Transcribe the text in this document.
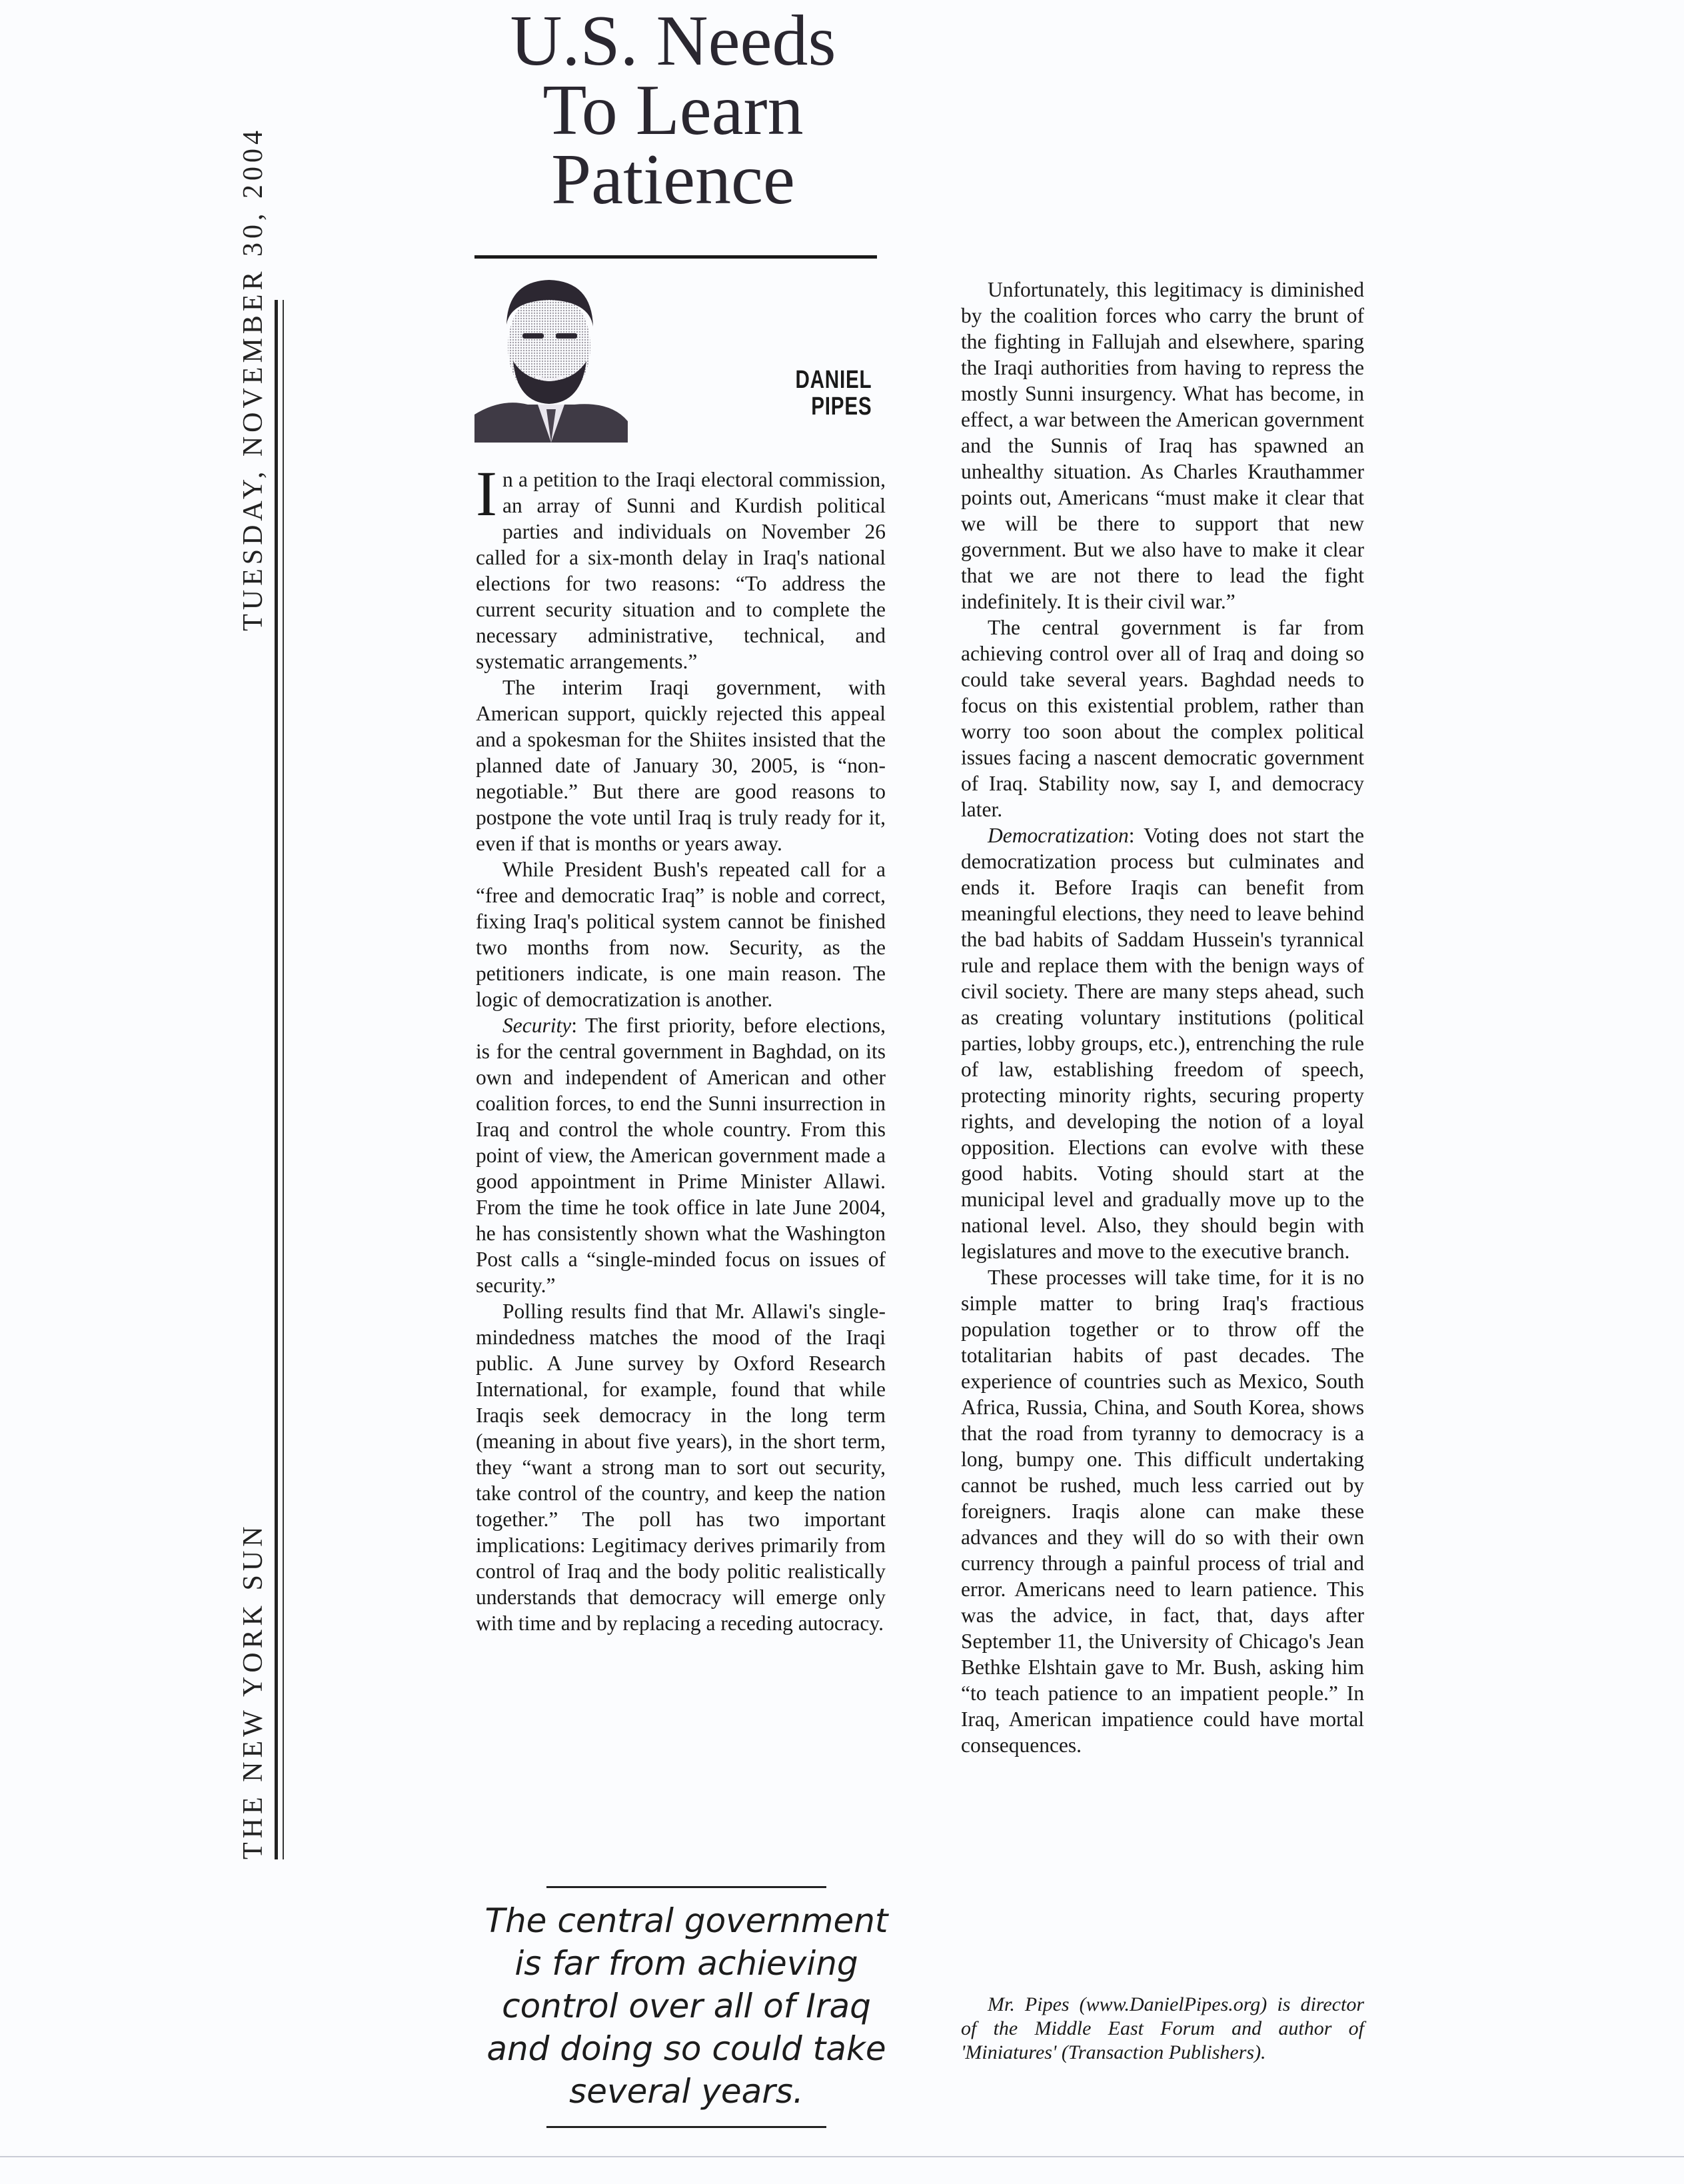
THE NEW YORK SUN
TUESDAY, NOVEMBER 30, 2004
U.S. Needs
To Learn
Patience
DANIEL
PIPES

In a petition to the Iraqi electoral commission, an array of Sunni and Kurdish political parties and individuals on November 26 called for a six-month delay in Iraq's national elections for two reasons: “To address the current security situation and to complete the necessary administrative, technical, and systematic arrangements.”

The interim Iraqi government, with American support, quickly rejected this appeal and a spokesman for the Shiites insisted that the planned date of January 30, 2005, is “non-negotiable.” But there are good reasons to postpone the vote until Iraq is truly ready for it, even if that is months or years away.

While President Bush's repeated call for a “free and democratic Iraq” is noble and correct, fixing Iraq's political system cannot be finished two months from now. Security, as the petitioners indicate, is one main reason. The logic of democratization is another.

Security: The first priority, before elections, is for the central government in Baghdad, on its own and independent of American and other coalition forces, to end the Sunni insurrection in Iraq and control the whole country. From this point of view, the American government made a good appointment in Prime Minister Allawi. From the time he took office in late June 2004, he has consistently shown what the Washington Post calls a “single-minded focus on issues of security.”

Polling results find that Mr. Allawi's single-mindedness matches the mood of the Iraqi public. A June survey by Oxford Research International, for example, found that while Iraqis seek democracy in the long term (meaning in about five years), in the short term, they “want a strong man to sort out security, take control of the country, and keep the nation together.” The poll has two important implications: Legitimacy derives primarily from control of Iraq and the body politic realistically understands that democracy will emerge only with time and by replacing a receding autocracy.

The central government is far from achieving control over all of Iraq and doing so could take several years.

Unfortunately, this legitimacy is diminished by the coalition forces who carry the brunt of the fighting in Fallujah and elsewhere, sparing the Iraqi authorities from having to repress the mostly Sunni insurgency. What has become, in effect, a war between the American government and the Sunnis of Iraq has spawned an unhealthy situation. As Charles Krauthammer points out, Americans “must make it clear that we will be there to support that new government. But we also have to make it clear that we are not there to lead the fight indefinitely. It is their civil war.”

The central government is far from achieving control over all of Iraq and doing so could take several years. Baghdad needs to focus on this existential problem, rather than worry too soon about the complex political issues facing a nascent democratic government of Iraq. Stability now, say I, and democracy later.

Democratization: Voting does not start the democratization process but culminates and ends it. Before Iraqis can benefit from meaningful elections, they need to leave behind the bad habits of Saddam Hussein's tyrannical rule and replace them with the benign ways of civil society. There are many steps ahead, such as creating voluntary institutions (political parties, lobby groups, etc.), entrenching the rule of law, establishing freedom of speech, protecting minority rights, securing property rights, and developing the notion of a loyal opposition. Elections can evolve with these good habits. Voting should start at the municipal level and gradually move up to the national level. Also, they should begin with legislatures and move to the executive branch.

These processes will take time, for it is no simple matter to bring Iraq's fractious population together or to throw off the totalitarian habits of past decades. The experience of countries such as Mexico, South Africa, Russia, China, and South Korea, shows that the road from tyranny to democracy is a long, bumpy one. This difficult undertaking cannot be rushed, much less carried out by foreigners. Iraqis alone can make these advances and they will do so with their own currency through a painful process of trial and error. Americans need to learn patience. This was the advice, in fact, that, days after September 11, the University of Chicago's Jean Bethke Elshtain gave to Mr. Bush, asking him “to teach patience to an impatient people.” In Iraq, American impatience could have mortal consequences.

Mr. Pipes (www.DanielPipes.org) is director of the Middle East Forum and author of 'Miniatures' (Transaction Publishers).
